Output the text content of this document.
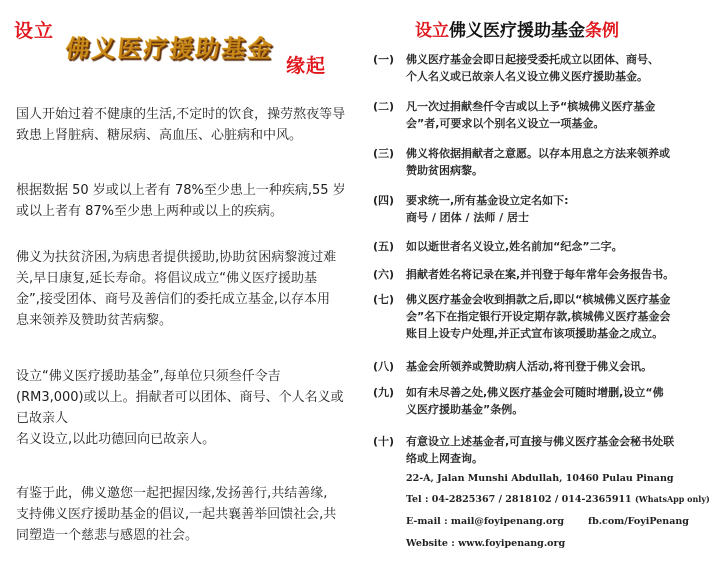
设立
佛义医疗援助基金
缘起
国人开始过着不健康的生活,不定时的饮食，操劳熬夜等导
致患上肾脏病、糖尿病、高血压、心脏病和中风。
根据数据 50 岁或以上者有 78%至少患上一种疾病,55 岁
或以上者有 87%至少患上两种或以上的疾病。
佛义为扶贫济困,为病患者提供援助,协助贫困病黎渡过难
关,早日康复,延长寿命。将倡议成立“佛义医疗援助基
金”,接受团体、商号及善信们的委托成立基金,以存本用
息来领养及赞助贫苦病黎。
设立“佛义医疗援助基金”,每单位只须叁仟令吉
(RM3,000)或以上。捐献者可以团体、商号、个人名义或
已故亲人
名义设立,以此功德回向已故亲人。
有鉴于此，佛义邀您一起把握因缘,发扬善行,共结善缘,
支持佛义医疗援助基金的倡议,一起共襄善举回馈社会,共
同塑造一个慈悲与感恩的社会。
设立佛义医疗援助基金条例
(一)	佛义医疗基金会即日起接受委托成立以团体、商号、
个人名义或已故亲人名义设立佛义医疗援助基金。
(二)	凡一次过捐献叁仟令吉或以上予“槟城佛义医疗基金
会”者,可要求以个别名义设立一项基金。
(三)	佛义将依据捐献者之意愿。以存本用息之方法来领养或
赞助贫困病黎。
(四)	要求统一,所有基金设立定名如下:
商号 / 团体 / 法师 / 居士
(五)	如以逝世者名义设立,姓名前加“纪念”二字。
(六)	捐献者姓名将记录在案,并刊登于每年常年会务报告书。
(七)	佛义医疗基金会收到捐款之后,即以“槟城佛义医疗基金
会”名下在指定银行开设定期存款,槟城佛义医疗基金会
账目上设专户处理,并正式宣布该项援助基金之成立。
(八)	基金会所领养或赞助病人活动,将刊登于佛义会讯。
(九)	如有未尽善之处,佛义医疗基金会可随时增删,设立“佛
义医疗援助基金”条例。
(十)	有意设立上述基金者,可直接与佛义医疗基金会秘书处联
络或上网查询。
22-A, Jalan Munshi Abdullah, 10460 Pulau Pinang
Tel : 04-2825367 / 2818102 / 014-2365911 (WhatsApp only)
E-mail : mail@foyipenang.org	fb.com/FoyiPenang
Website : www.foyipenang.org
